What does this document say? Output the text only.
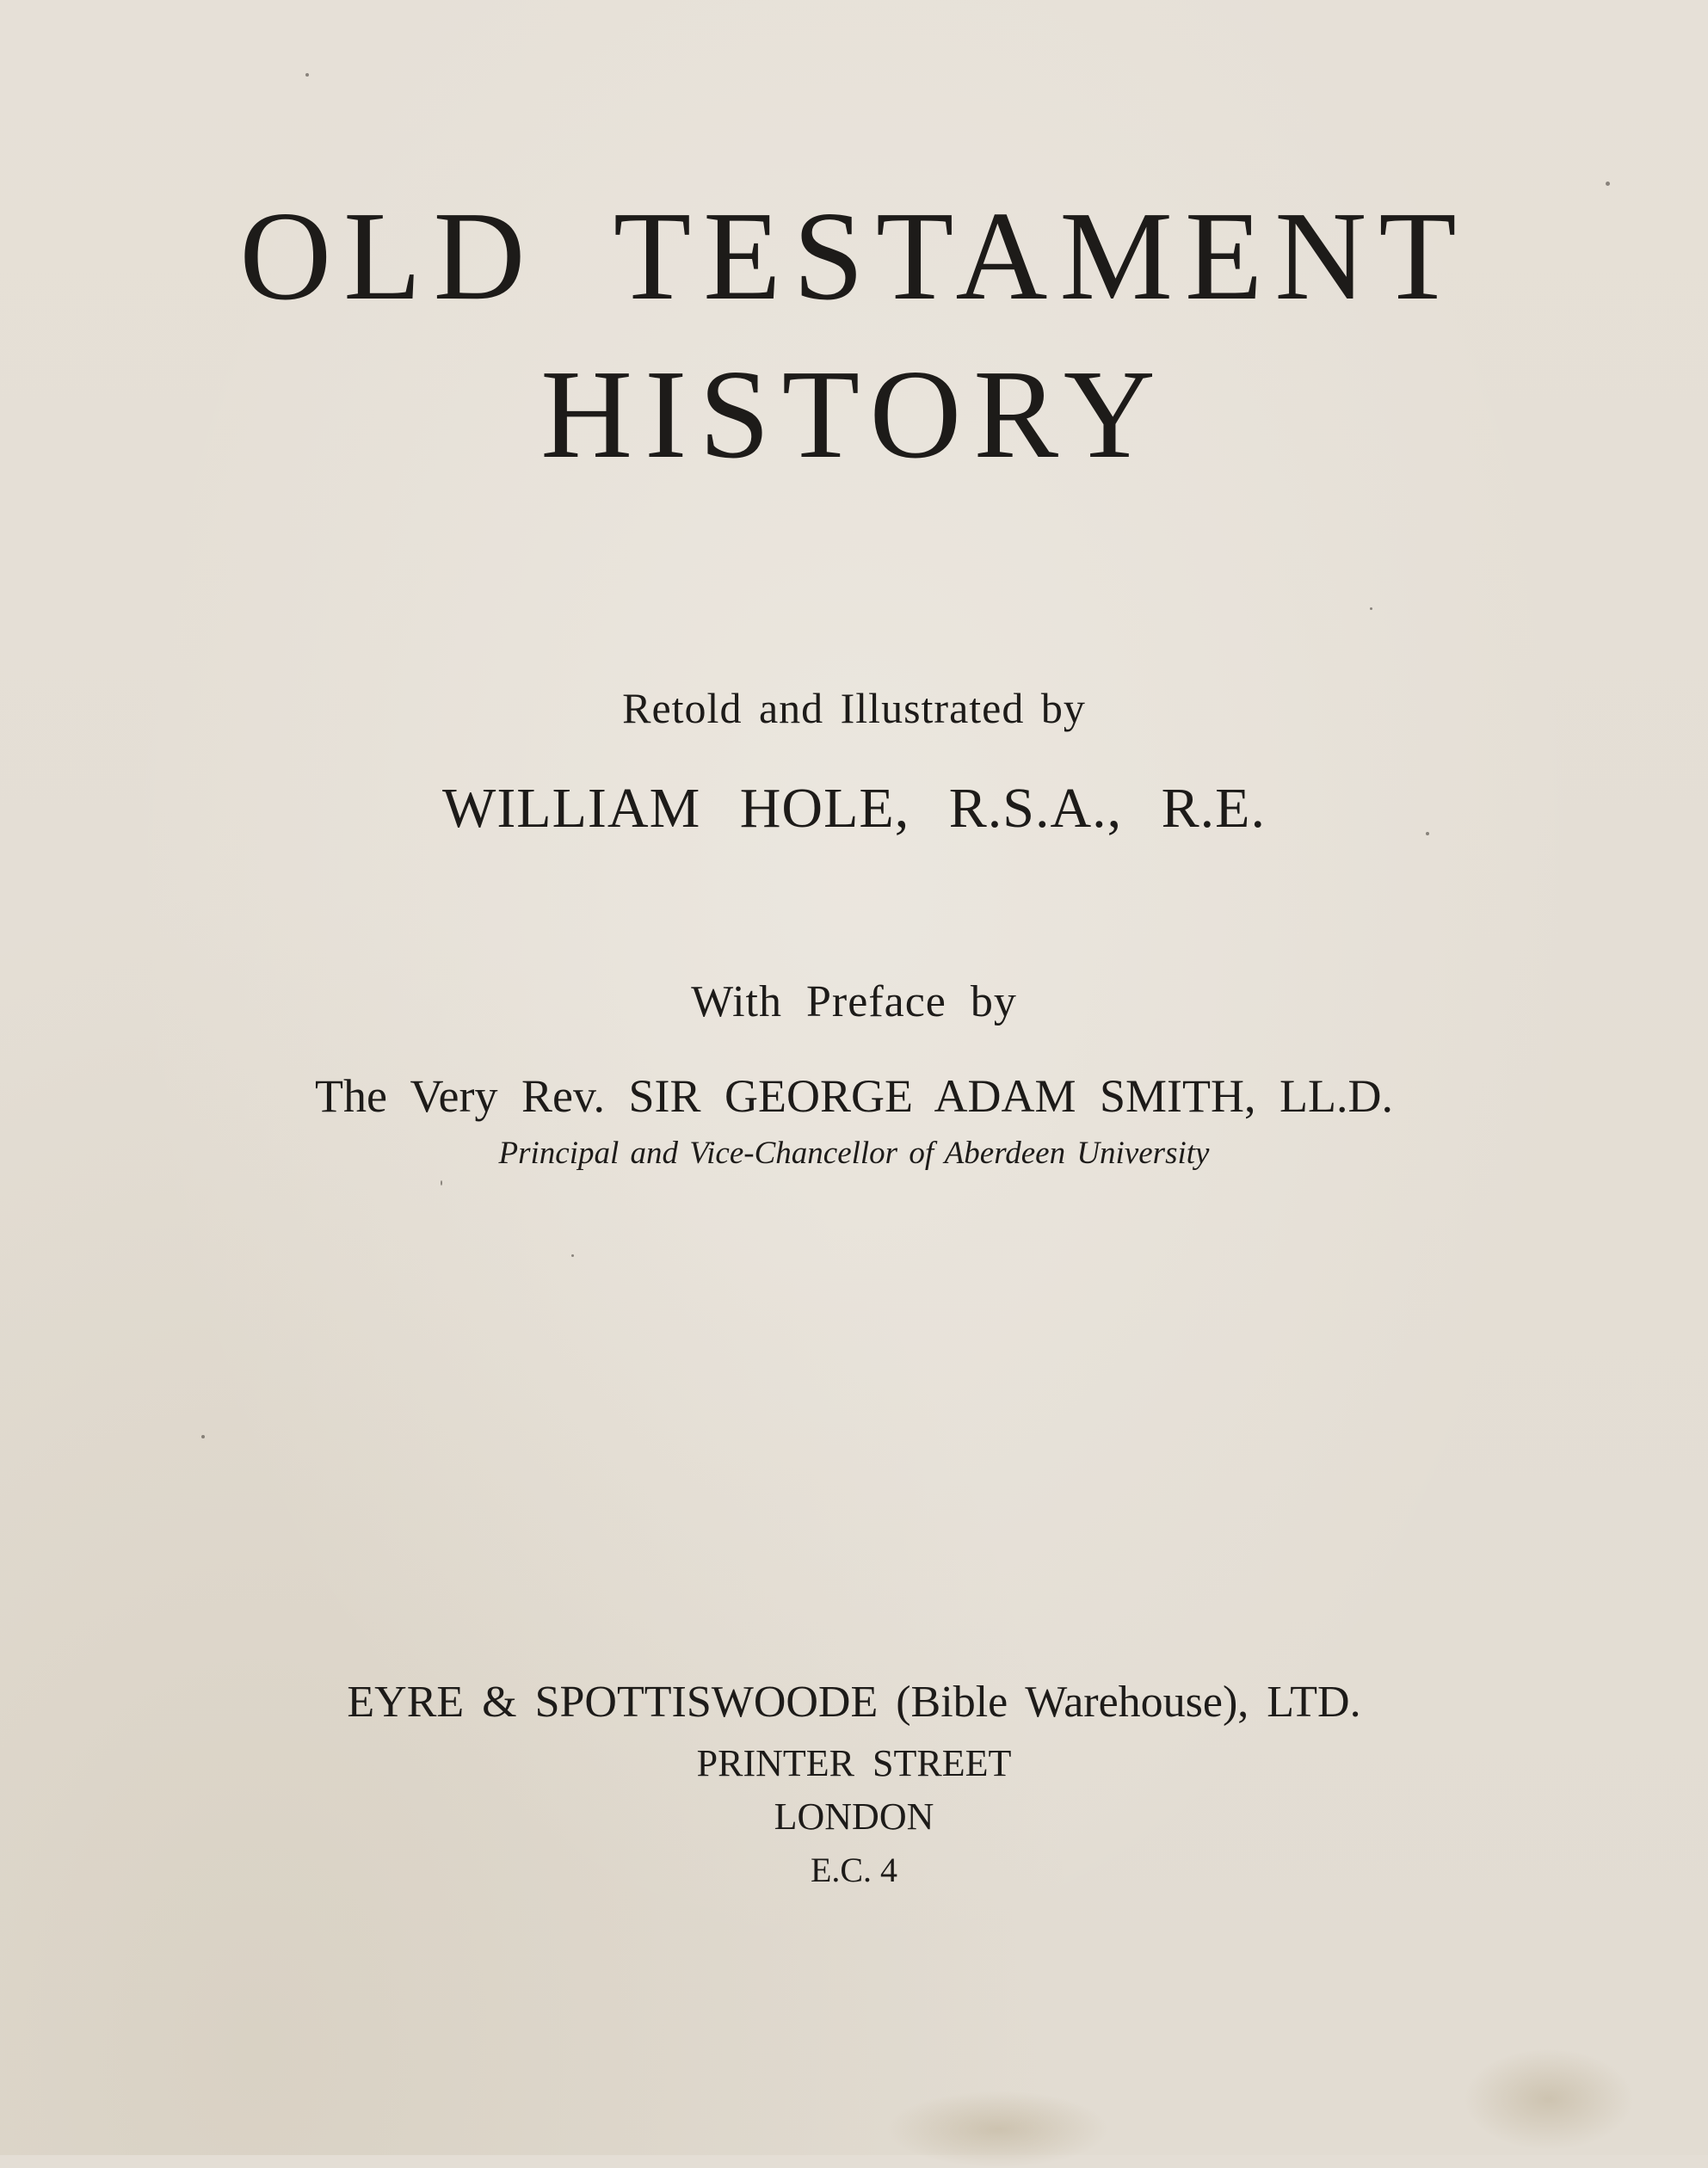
OLD TESTAMENT
HISTORY
Retold and Illustrated by
WILLIAM HOLE, R.S.A., R.E.
With Preface by
The Very Rev. SIR GEORGE ADAM SMITH, LL.D.
Principal and Vice-Chancellor of Aberdeen University
EYRE & SPOTTISWOODE (Bible Warehouse), LTD.
PRINTER STREET
LONDON
E.C. 4
